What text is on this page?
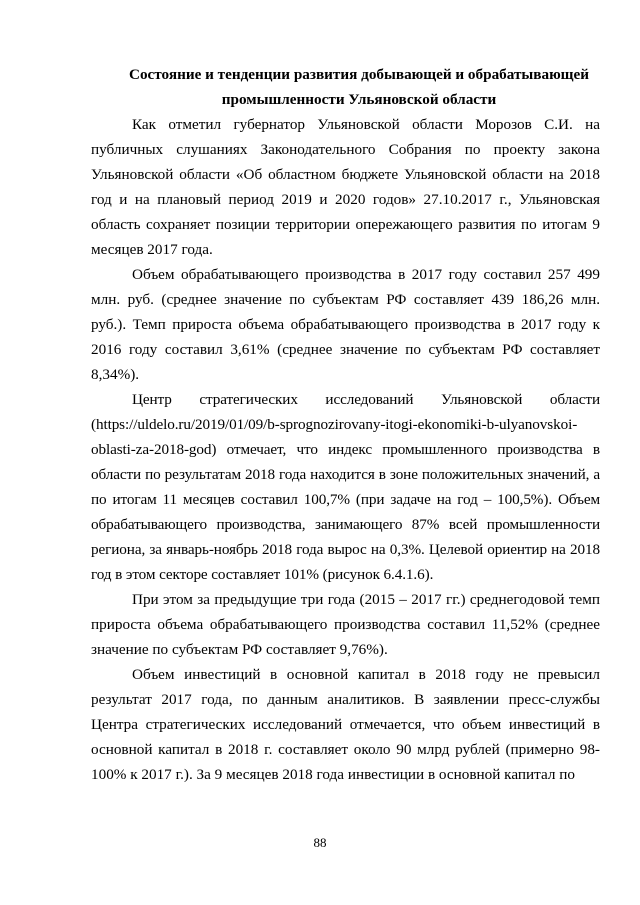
Состояние и тенденции развития добывающей и обрабатывающей промышленности Ульяновской области

Как отметил губернатор Ульяновской области Морозов С.И. на публичных слушаниях Законодательного Собрания по проекту закона Ульяновской области «Об областном бюджете Ульяновской области на 2018 год и на плановый период 2019 и 2020 годов» 27.10.2017 г., Ульяновская область сохраняет позиции территории опережающего развития по итогам 9 месяцев 2017 года.

Объем обрабатывающего производства в 2017 году составил 257 499 млн. руб. (среднее значение по субъектам РФ составляет 439 186,26 млн. руб.). Темп прироста объема обрабатывающего производства в 2017 году к 2016 году составил 3,61% (среднее значение по субъектам РФ составляет 8,34%).

Центр стратегических исследований Ульяновской области (https://uldelo.ru/2019/01/09/b-sprognozirovany-itogi-ekonomiki-b-ulyanovskoi-oblasti-za-2018-god) отмечает, что индекс промышленного производства в области по результатам 2018 года находится в зоне положительных значений, а по итогам 11 месяцев составил 100,7% (при задаче на год – 100,5%). Объем обрабатывающего производства, занимающего 87% всей промышленности региона, за январь-ноябрь 2018 года вырос на 0,3%. Целевой ориентир на 2018 год в этом секторе составляет 101% (рисунок 6.4.1.6).

При этом за предыдущие три года (2015 – 2017 гг.) среднегодовой темп прироста объема обрабатывающего производства составил 11,52% (среднее значение по субъектам РФ составляет 9,76%).

Объем инвестиций в основной капитал в 2018 году не превысил результат 2017 года, по данным аналитиков. В заявлении пресс-службы Центра стратегических исследований отмечается, что объем инвестиций в основной капитал в 2018 г. составляет около 90 млрд рублей (примерно 98-100% к 2017 г.). За 9 месяцев 2018 года инвестиции в основной капитал по

88
